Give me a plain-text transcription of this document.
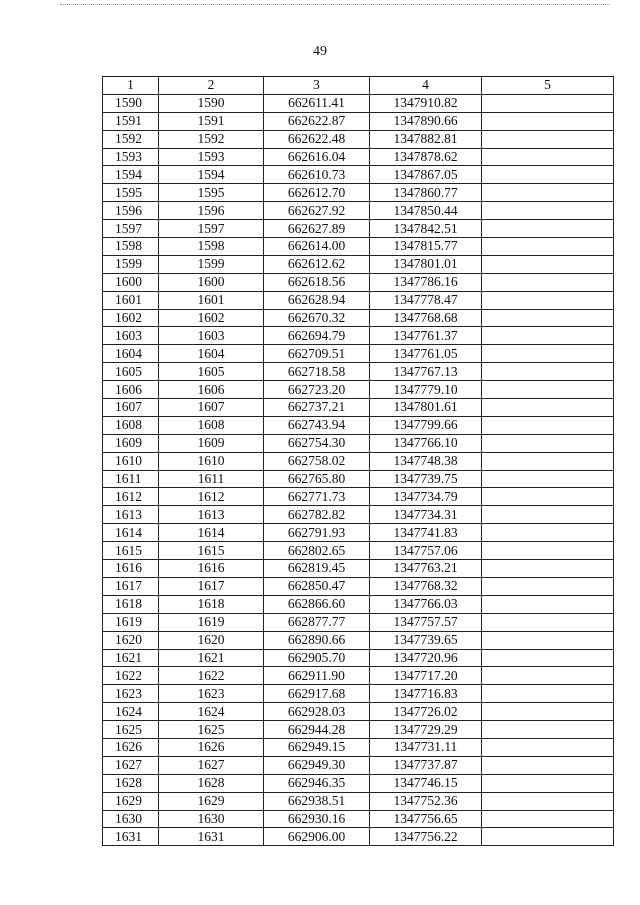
49
1	2	3	4	5
1590	1590	662611.41	1347910.82	
1591	1591	662622.87	1347890.66	
1592	1592	662622.48	1347882.81	
1593	1593	662616.04	1347878.62	
1594	1594	662610.73	1347867.05	
1595	1595	662612.70	1347860.77	
1596	1596	662627.92	1347850.44	
1597	1597	662627.89	1347842.51	
1598	1598	662614.00	1347815.77	
1599	1599	662612.62	1347801.01	
1600	1600	662618.56	1347786.16	
1601	1601	662628.94	1347778.47	
1602	1602	662670.32	1347768.68	
1603	1603	662694.79	1347761.37	
1604	1604	662709.51	1347761.05	
1605	1605	662718.58	1347767.13	
1606	1606	662723.20	1347779.10	
1607	1607	662737.21	1347801.61	
1608	1608	662743.94	1347799.66	
1609	1609	662754.30	1347766.10	
1610	1610	662758.02	1347748.38	
1611	1611	662765.80	1347739.75	
1612	1612	662771.73	1347734.79	
1613	1613	662782.82	1347734.31	
1614	1614	662791.93	1347741.83	
1615	1615	662802.65	1347757.06	
1616	1616	662819.45	1347763.21	
1617	1617	662850.47	1347768.32	
1618	1618	662866.60	1347766.03	
1619	1619	662877.77	1347757.57	
1620	1620	662890.66	1347739.65	
1621	1621	662905.70	1347720.96	
1622	1622	662911.90	1347717.20	
1623	1623	662917.68	1347716.83	
1624	1624	662928.03	1347726.02	
1625	1625	662944.28	1347729.29	
1626	1626	662949.15	1347731.11	
1627	1627	662949.30	1347737.87	
1628	1628	662946.35	1347746.15	
1629	1629	662938.51	1347752.36	
1630	1630	662930.16	1347756.65	
1631	1631	662906.00	1347756.22	
